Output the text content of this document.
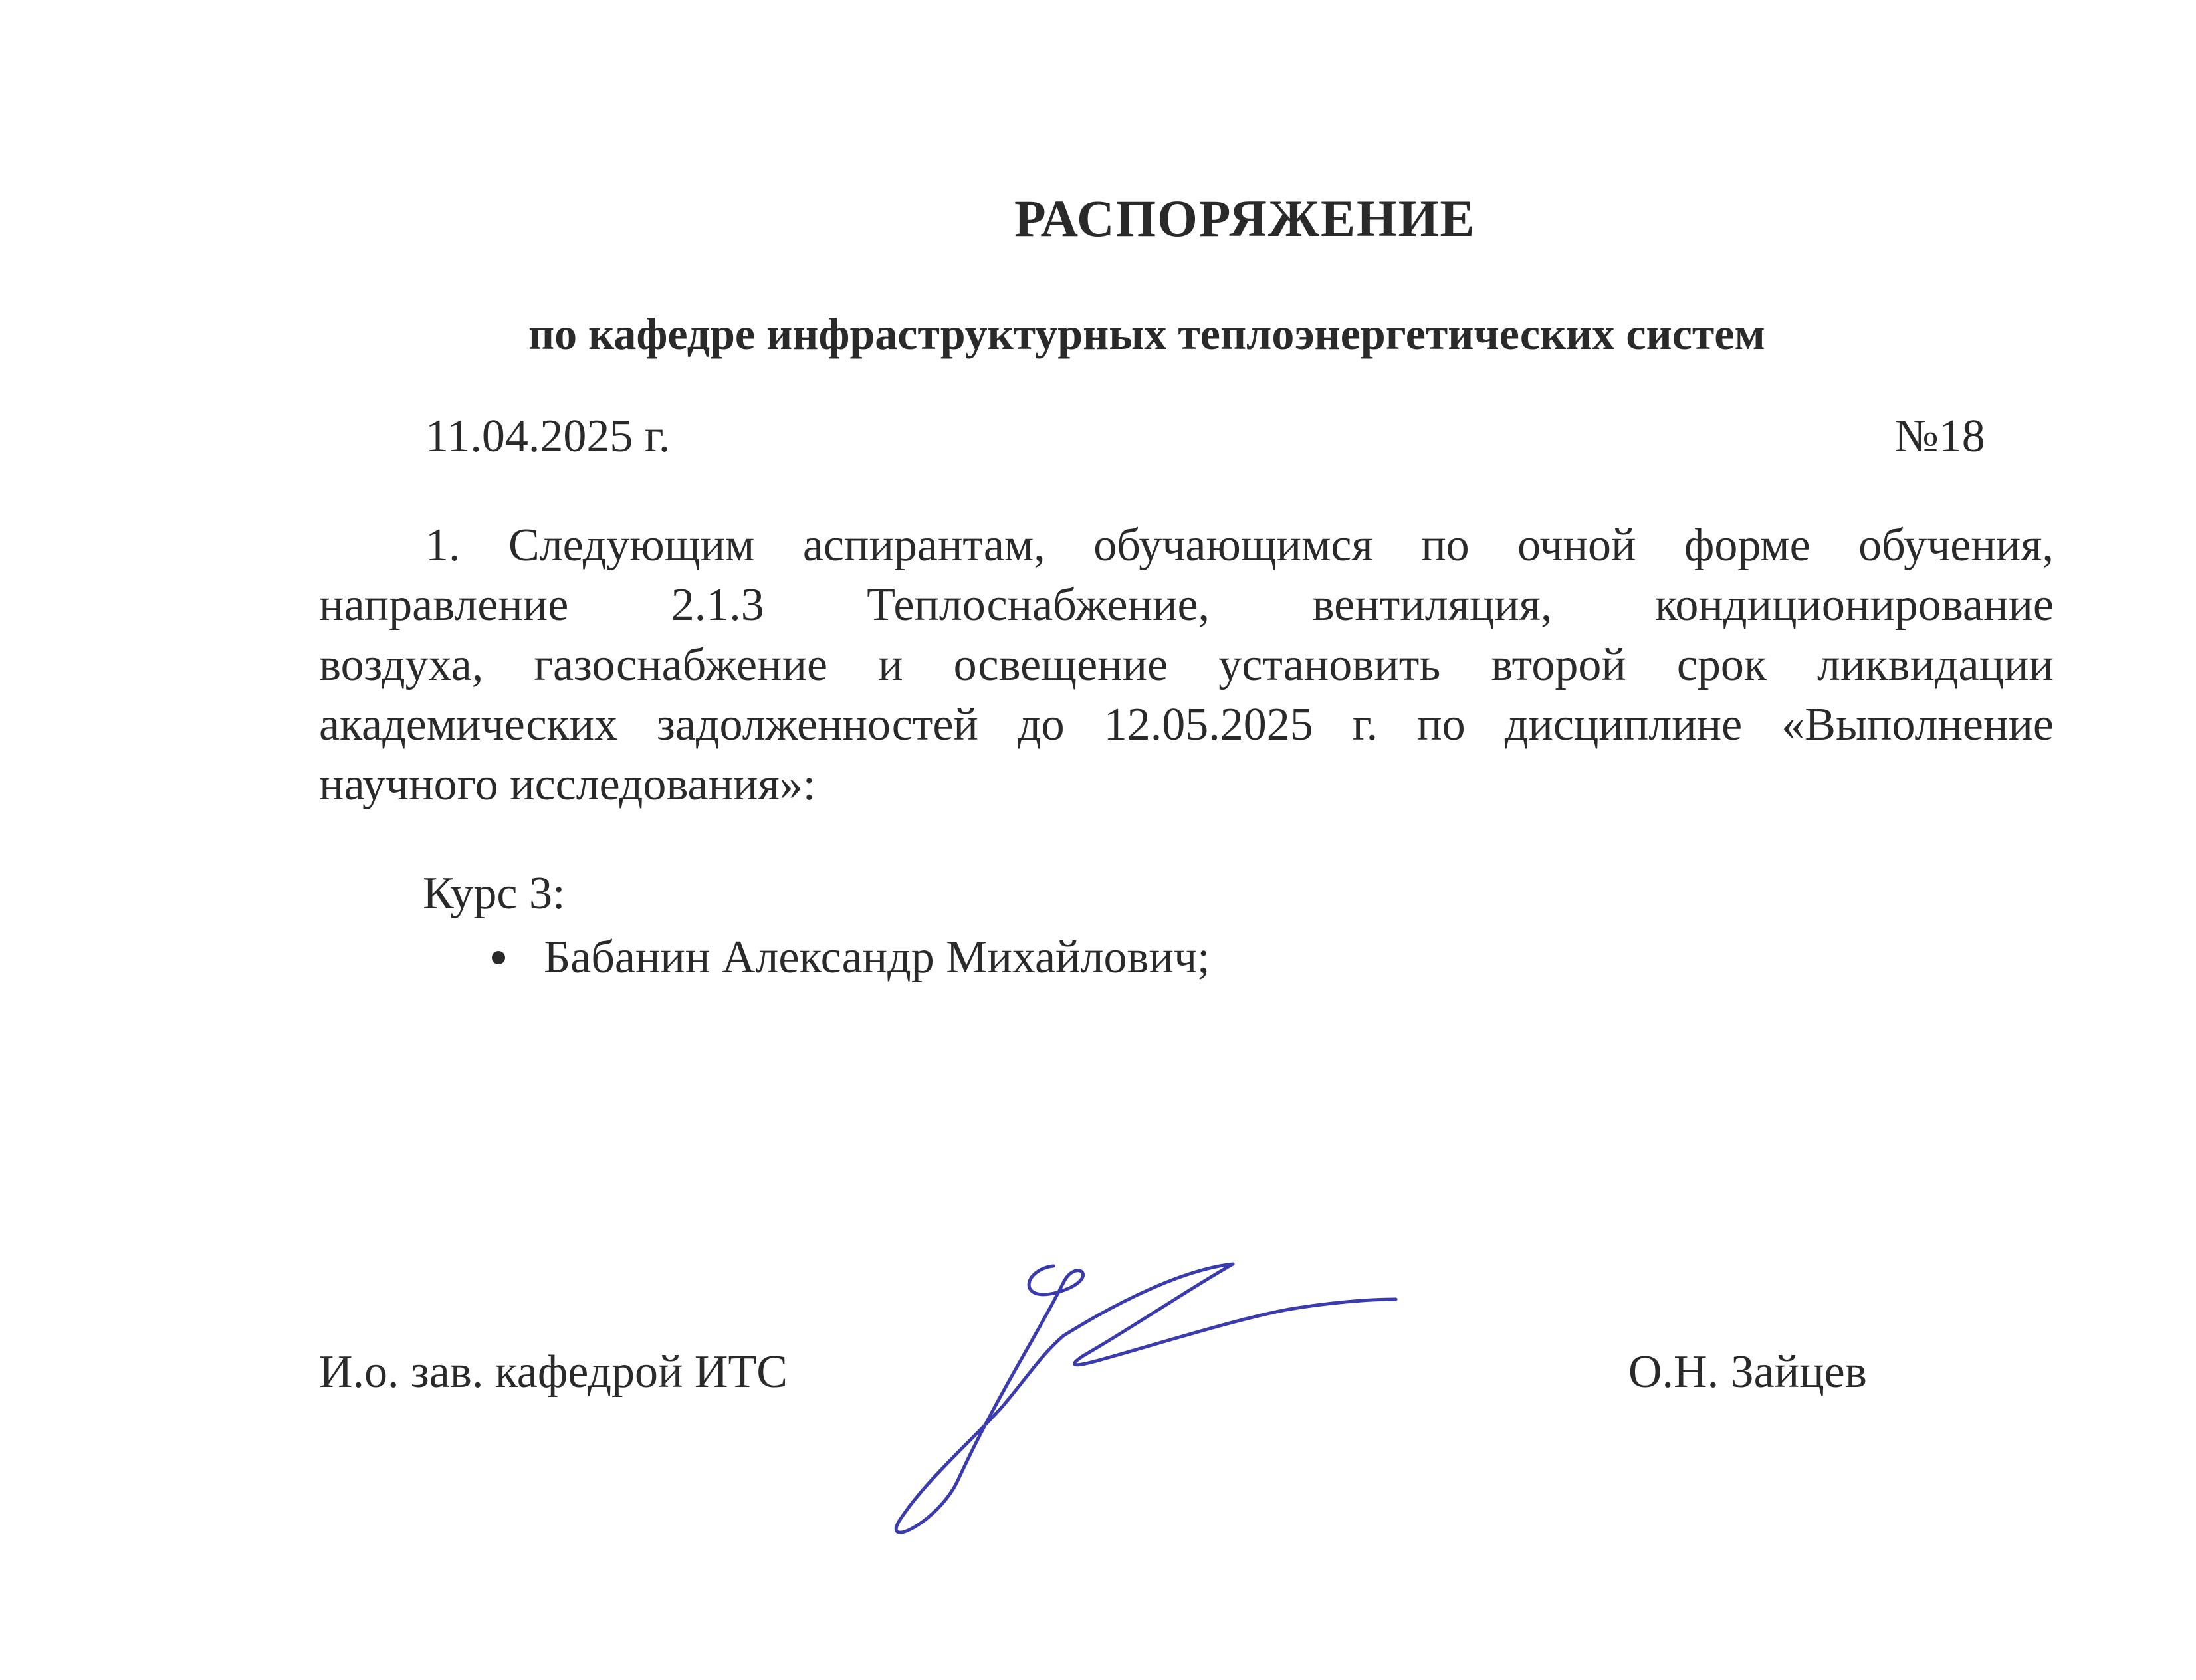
РАСПОРЯЖЕНИЕ
по кафедре инфраструктурных теплоэнергетических систем
11.04.2025 г.	№18
1. Следующим аспирантам, обучающимся по очной форме обучения,
направление 2.1.3 Теплоснабжение, вентиляция, кондиционирование
воздуха, газоснабжение и освещение установить второй срок ликвидации
академических задолженностей до 12.05.2025 г. по дисциплине «Выполнение
научного исследования»:
Курс 3:
Бабанин Александр Михайлович;
И.о. зав. кафедрой ИТС	О.Н. Зайцев
